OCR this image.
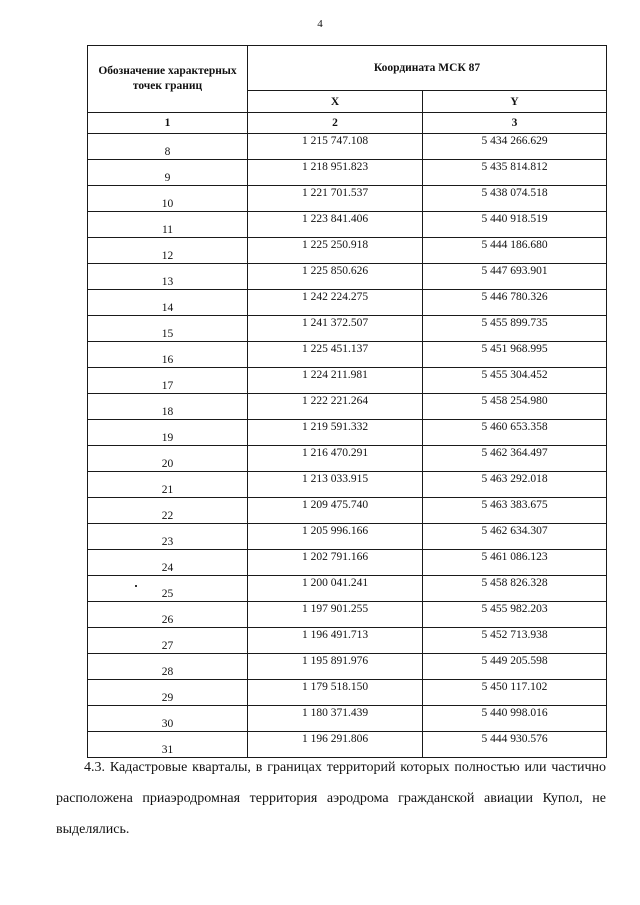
4
Обозначение характерных точек границ	Координата МСК 87	
	X	Y
1	2	3
8	1 215 747.108	5 434 266.629
9	1 218 951.823	5 435 814.812
10	1 221 701.537	5 438 074.518
11	1 223 841.406	5 440 918.519
12	1 225 250.918	5 444 186.680
13	1 225 850.626	5 447 693.901
14	1 242 224.275	5 446 780.326
15	1 241 372.507	5 455 899.735
16	1 225 451.137	5 451 968.995
17	1 224 211.981	5 455 304.452
18	1 222 221.264	5 458 254.980
19	1 219 591.332	5 460 653.358
20	1 216 470.291	5 462 364.497
21	1 213 033.915	5 463 292.018
22	1 209 475.740	5 463 383.675
23	1 205 996.166	5 462 634.307
24	1 202 791.166	5 461 086.123
25	1 200 041.241	5 458 826.328
26	1 197 901.255	5 455 982.203
27	1 196 491.713	5 452 713.938
28	1 195 891.976	5 449 205.598
29	1 179 518.150	5 450 117.102
30	1 180 371.439	5 440 998.016
31	1 196 291.806	5 444 930.576
4.3. Кадастровые кварталы, в границах территорий которых полностью или частично расположена приаэродромная территория аэродрома гражданской авиации Купол, не выделялись.
